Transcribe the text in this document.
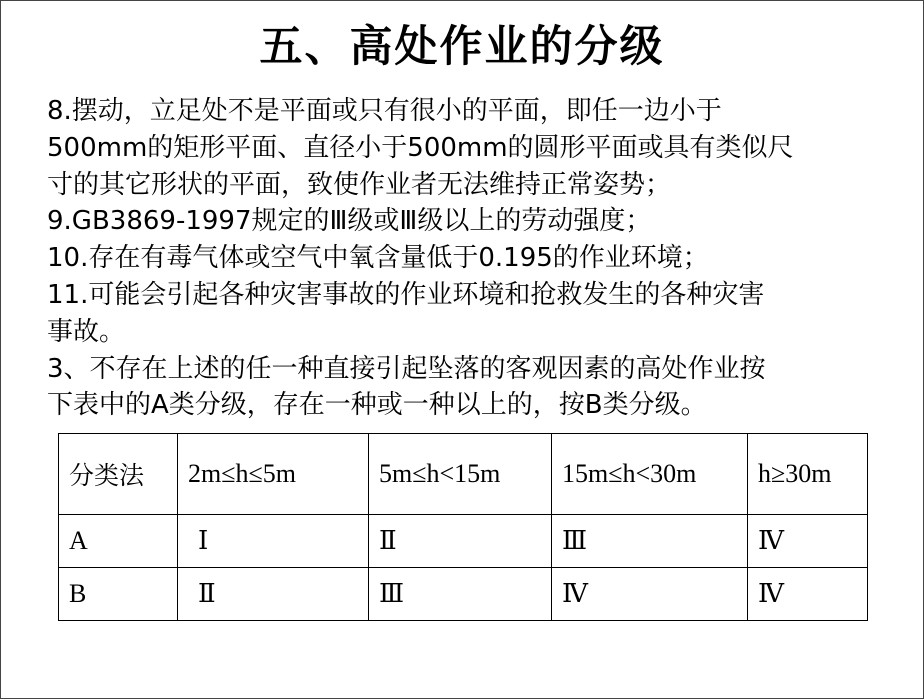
五、高处作业的分级
8.摆动，立足处不是平面或只有很小的平面，即任一边小于
500mm的矩形平面、直径小于500mm的圆形平面或具有类似尺
寸的其它形状的平面，致使作业者无法维持正常姿势；
9.GB3869-1997规定的Ⅲ级或Ⅲ级以上的劳动强度；
10.存在有毒气体或空气中氧含量低于0.195的作业环境；
11.可能会引起各种灾害事故的作业环境和抢救发生的各种灾害
事故。
3、不存在上述的任一种直接引起坠落的客观因素的高处作业按
下表中的A类分级，存在一种或一种以上的，按B类分级。
分类法	2m≤h≤5m	5m≤h<15m	15m≤h<30m	h≥30m
A	Ⅰ	Ⅱ	Ⅲ	Ⅳ
B	Ⅱ	Ⅲ	Ⅳ	Ⅳ
